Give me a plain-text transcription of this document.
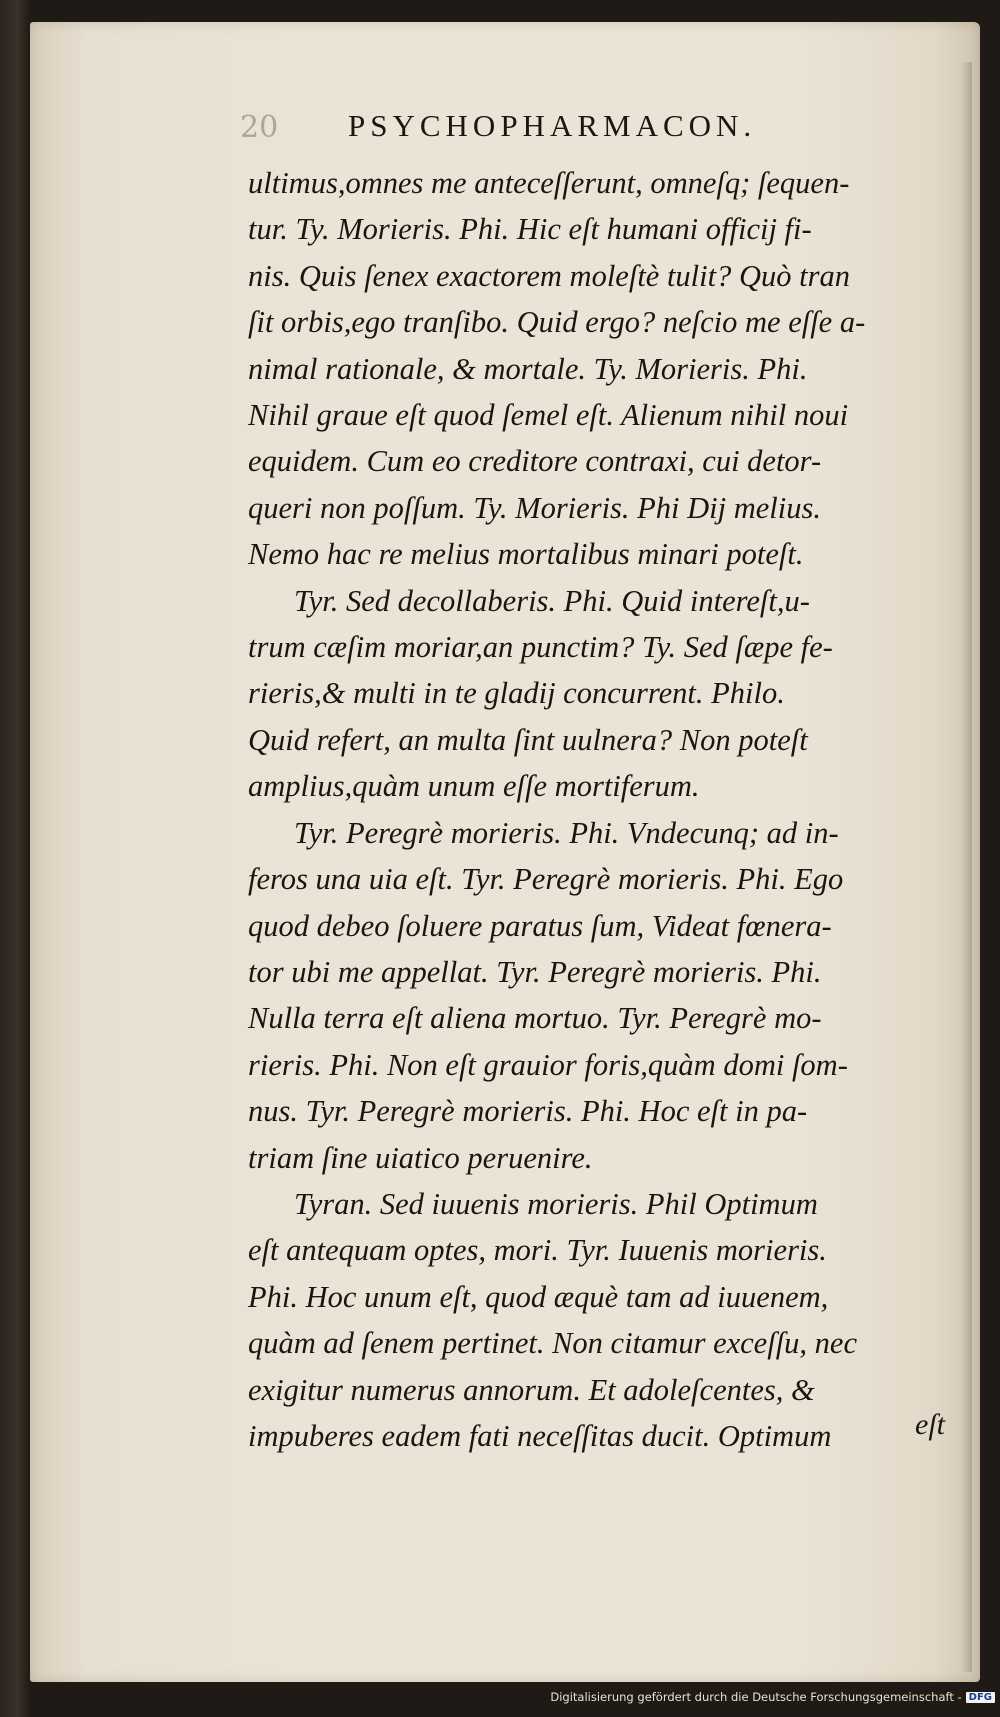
20 PSYCHOPHARMACON.
ultimus,omnes me anteceſſerunt, omneſq; ſequen-
tur. Ty. Morieris. Phi. Hic eſt humani officij fi-
nis. Quis ſenex exactorem moleſtè tulit? Quò tran
ſit orbis,ego tranſibo. Quid ergo? neſcio me eſſe a-
nimal rationale, & mortale. Ty. Morieris. Phi.
Nihil graue eſt quod ſemel eſt. Alienum nihil noui
equidem. Cum eo creditore contraxi, cui detor-
queri non poſſum. Ty. Morieris. Phi Dij melius.
Nemo hac re melius mortalibus minari poteſt.
Tyr. Sed decollaberis. Phi. Quid intereſt,u-
trum cæſim moriar,an punctim? Ty. Sed ſæpe fe-
rieris,& multi in te gladij concurrent. Philo.
Quid refert, an multa ſint uulnera? Non poteſt
amplius,quàm unum eſſe mortiferum.
Tyr. Peregrè morieris. Phi. Vndecunq; ad in-
feros una uia eſt. Tyr. Peregrè morieris. Phi. Ego
quod debeo ſoluere paratus ſum, Videat fœnera-
tor ubi me appellat. Tyr. Peregrè morieris. Phi.
Nulla terra eſt aliena mortuo. Tyr. Peregrè mo-
rieris. Phi. Non eſt grauior foris,quàm domi ſom-
nus. Tyr. Peregrè morieris. Phi. Hoc eſt in pa-
triam ſine uiatico peruenire.
Tyran. Sed iuuenis morieris. Phil Optimum
eſt antequam optes, mori. Tyr. Iuuenis morieris.
Phi. Hoc unum eſt, quod æquè tam ad iuuenem,
quàm ad ſenem pertinet. Non citamur exceſſu, nec
exigitur numerus annorum. Et adoleſcentes, &
impuberes eadem fati neceſſitas ducit. Optimum	eſt
Digitalisierung gefördert durch die Deutsche Forschungsgemeinschaft - DFG
